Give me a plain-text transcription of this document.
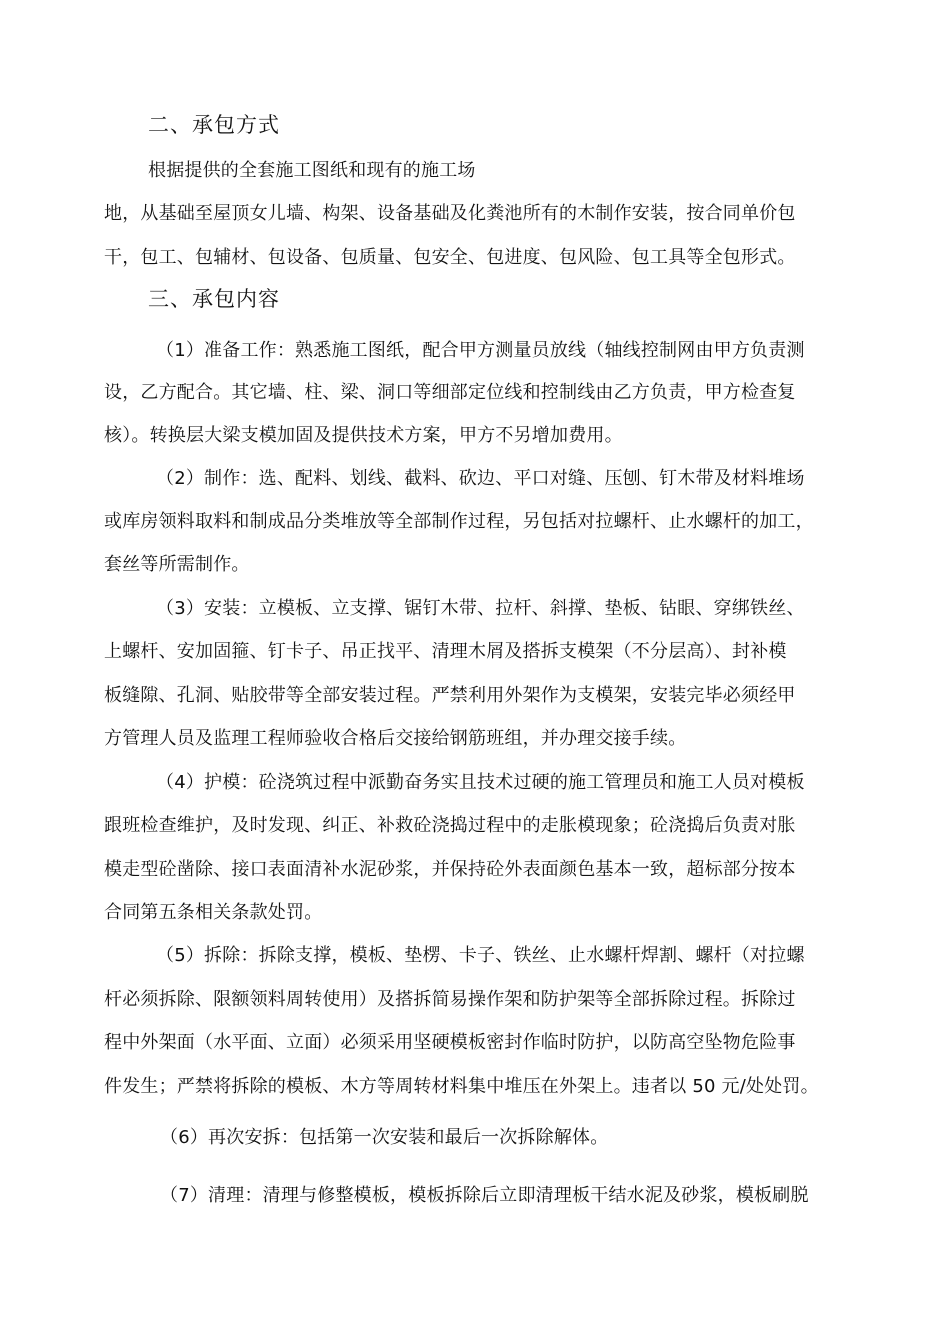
二、承包方式

根据提供的全套施工图纸和现有的施工场

地，从基础至屋顶女儿墙、构架、设备基础及化粪池所有的木制作安装，按合同单价包

干，包工、包辅材、包设备、包质量、包安全、包进度、包风险、包工具等全包形式。

三、承包内容

（1）准备工作：熟悉施工图纸，配合甲方测量员放线（轴线控制网由甲方负责测

设，乙方配合。其它墙、柱、梁、洞口等细部定位线和控制线由乙方负责，甲方检查复

核）。转换层大梁支模加固及提供技术方案，甲方不另增加费用。

（2）制作：选、配料、划线、截料、砍边、平口对缝、压刨、钉木带及材料堆场

或库房领料取料和制成品分类堆放等全部制作过程，另包括对拉螺杆、止水螺杆的加工，

套丝等所需制作。

（3）安装：立模板、立支撑、锯钉木带、拉杆、斜撑、垫板、钻眼、穿绑铁丝、

上螺杆、安加固箍、钉卡子、吊正找平、清理木屑及搭拆支模架（不分层高）、封补模

板缝隙、孔洞、贴胶带等全部安装过程。严禁利用外架作为支模架，安装完毕必须经甲

方管理人员及监理工程师验收合格后交接给钢筋班组，并办理交接手续。

（4）护模：砼浇筑过程中派勤奋务实且技术过硬的施工管理员和施工人员对模板

跟班检查维护，及时发现、纠正、补救砼浇捣过程中的走胀模现象；砼浇捣后负责对胀

模走型砼凿除、接口表面清补水泥砂浆，并保持砼外表面颜色基本一致，超标部分按本

合同第五条相关条款处罚。

（5）拆除：拆除支撑，模板、垫楞、卡子、铁丝、止水螺杆焊割、螺杆（对拉螺

杆必须拆除、限额领料周转使用）及搭拆简易操作架和防护架等全部拆除过程。拆除过

程中外架面（水平面、立面）必须采用坚硬模板密封作临时防护，以防高空坠物危险事

件发生；严禁将拆除的模板、木方等周转材料集中堆压在外架上。违者以 50 元/处处罚。

（6）再次安拆：包括第一次安装和最后一次拆除解体。

（7）清理：清理与修整模板，模板拆除后立即清理板干结水泥及砂浆，模板刷脱
